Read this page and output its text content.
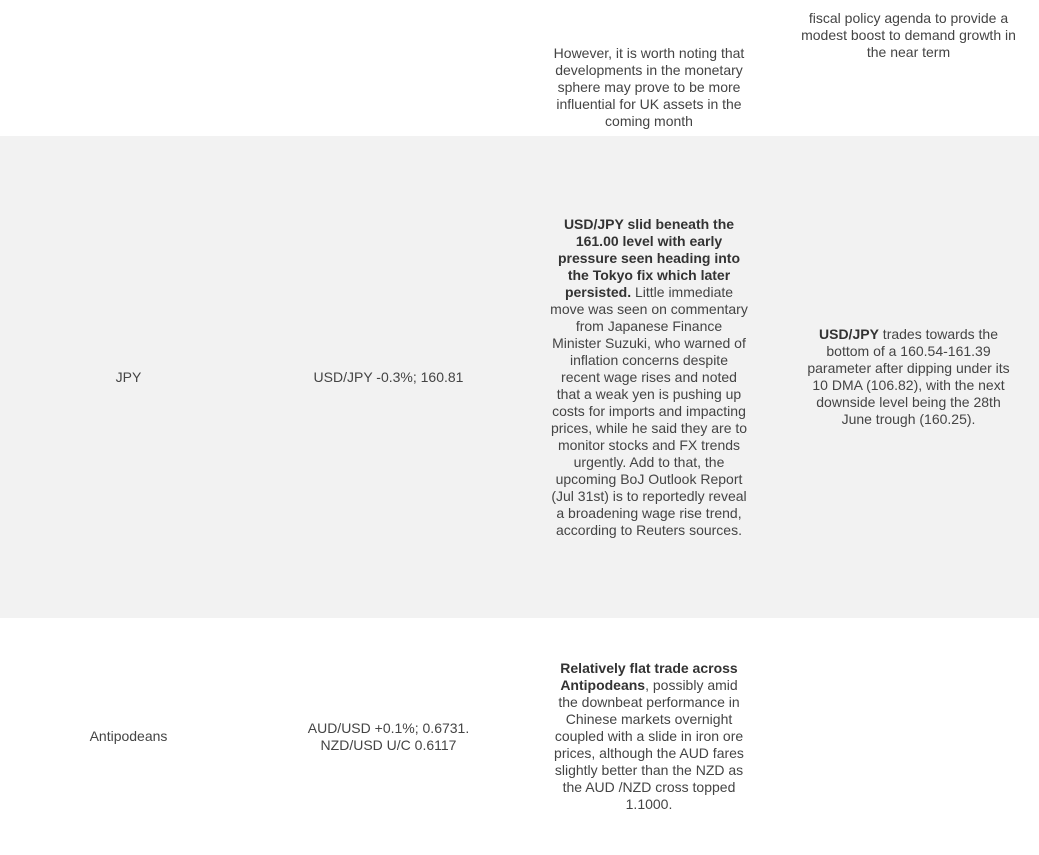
		However, it is worth noting that developments in the monetary sphere may prove to be more influential for UK assets in the coming month	fiscal policy agenda to provide a modest boost to demand growth in the near term
JPY	USD/JPY -0.3%; 160.81	USD/JPY slid beneath the 161.00 level with early pressure seen heading into the Tokyo fix which later persisted. Little immediate move was seen on commentary from Japanese Finance Minister Suzuki, who warned of inflation concerns despite recent wage rises and noted that a weak yen is pushing up costs for imports and impacting prices, while he said they are to monitor stocks and FX trends urgently. Add to that, the upcoming BoJ Outlook Report (Jul 31st) is to reportedly reveal a broadening wage rise trend, according to Reuters sources.	USD/JPY trades towards the bottom of a 160.54-161.39 parameter after dipping under its 10 DMA (106.82), with the next downside level being the 28th June trough (160.25).
Antipodeans	AUD/USD +0.1%; 0.6731. NZD/USD U/C 0.6117	Relatively flat trade across Antipodeans, possibly amid the downbeat performance in Chinese markets overnight coupled with a slide in iron ore prices, although the AUD fares slightly better than the NZD as the AUD /NZD cross topped 1.1000.	
